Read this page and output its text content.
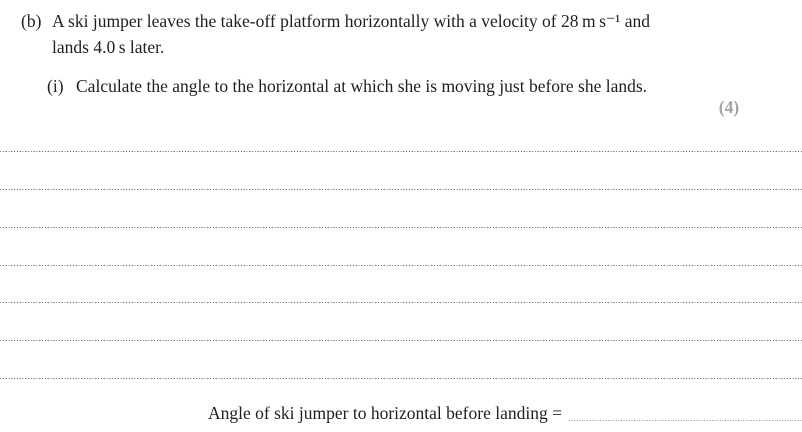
(b) A ski jumper leaves the take-off platform horizontally with a velocity of 28 m s⁻¹ and
lands 4.0 s later.
(i) Calculate the angle to the horizontal at which she is moving just before she lands.
(4)
Angle of ski jumper to horizontal before landing =
